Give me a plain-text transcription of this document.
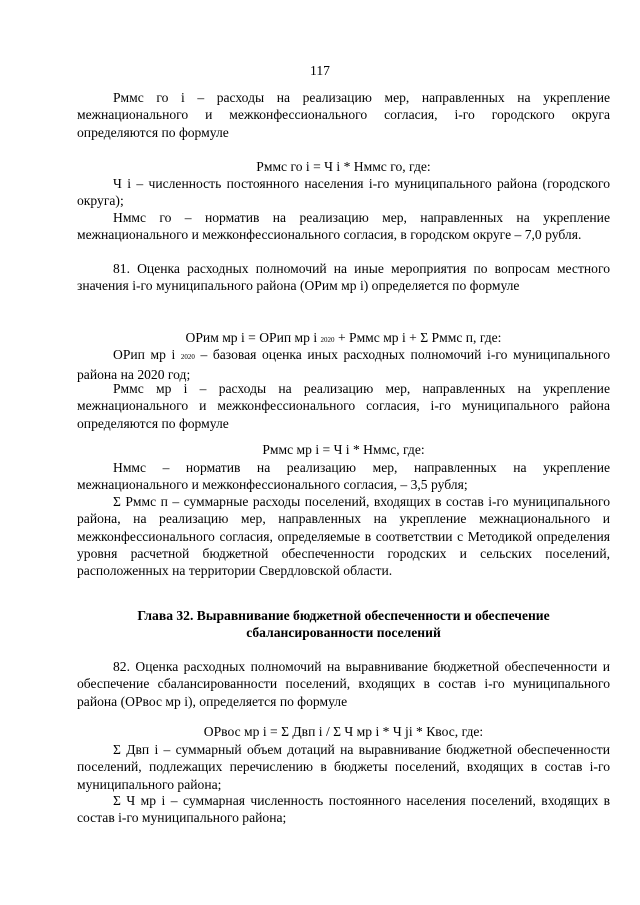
117

Рммс го i – расходы на реализацию мер, направленных на укрепление межнационального и межконфессионального согласия, i-го городского округа определяются по формуле

Рммс го i = Ч i * Нммс го, где:

Ч i – численность постоянного населения i-го муниципального района (городского округа);

Нммс го – норматив на реализацию мер, направленных на укрепление межнационального и межконфессионального согласия, в городском округе – 7,0 рубля.

81. Оценка расходных полномочий на иные мероприятия по вопросам местного значения i-го муниципального района (ОРим мр i) определяется по формуле

ОРим мр i = ОРип мр i 2020 + Рммс мр i + Σ Рммс п, где:

ОРип мр i 2020 – базовая оценка иных расходных полномочий i-го муниципального района на 2020 год;

Рммс мр i – расходы на реализацию мер, направленных на укрепление межнационального и межконфессионального согласия, i-го муниципального района определяются по формуле

Рммс мр i = Ч i * Нммс, где:

Нммс – норматив на реализацию мер, направленных на укрепление межнационального и межконфессионального согласия, – 3,5 рубля;

Σ Рммс п – суммарные расходы поселений, входящих в состав i-го муниципального района, на реализацию мер, направленных на укрепление межнационального и межконфессионального согласия, определяемые в соответствии с Методикой определения уровня расчетной бюджетной обеспеченности городских и сельских поселений, расположенных на территории Свердловской области.

Глава 32. Выравнивание бюджетной обеспеченности и обеспечение

сбалансированности поселений

82. Оценка расходных полномочий на выравнивание бюджетной обеспеченности и обеспечение сбалансированности поселений, входящих в состав i-го муниципального района (ОРвос мр i), определяется по формуле

ОРвос мр i = Σ Двп i / Σ Ч мр i * Ч ji * Квос, где:

Σ Двп i – суммарный объем дотаций на выравнивание бюджетной обеспеченности поселений, подлежащих перечислению в бюджеты поселений, входящих в состав i-го муниципального района;

Σ Ч мр i – суммарная численность постоянного населения поселений, входящих в состав i-го муниципального района;
